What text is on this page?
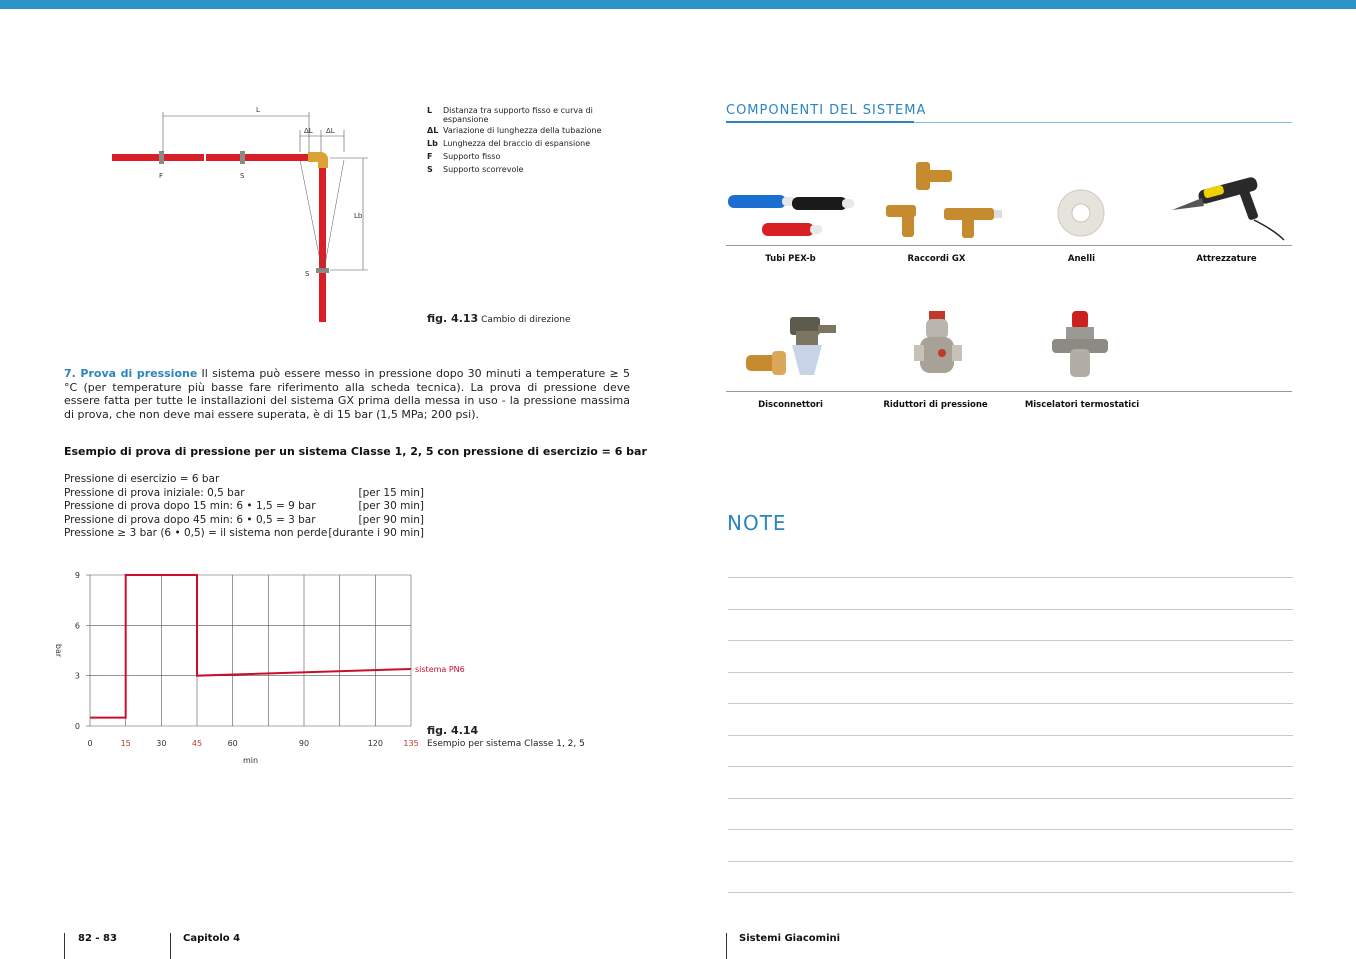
L
ΔL ΔL
Lb
F	S
S
L	Distanza tra supporto fisso e curva di espansione
ΔL Variazione di lunghezza della tubazione
Lb Lunghezza del braccio di espansione
F	Supporto fisso
S	Supporto scorrevole
fig. 4.13 Cambio di direzione
7. Prova di pressione Il sistema può essere messo in pressione dopo 30 minuti a temperature ≥ 5 °C (per temperature più basse fare riferimento alla scheda tecnica). La prova di pressione deve essere fatta per tutte le installazioni del sistema GX prima della messa in uso - la pressione massima di prova, che non deve mai essere superata, è di 15 bar (1,5 MPa; 200 psi).
Esempio di prova di pressione per un sistema Classe 1, 2, 5 con pressione di esercizio = 6 bar
Pressione di esercizio = 6 bar
Pressione di prova iniziale: 0,5 bar	[per 15 min]
Pressione di prova dopo 15 min: 6 • 1,5 = 9 bar	[per 30 min]
Pressione di prova dopo 45 min: 6 • 0,5 = 3 bar	[per 90 min]
Pressione ≥ 3 bar (6 • 0,5) = il sistema non perde [durante i 90 min]
0
3
6
9
0	15	30	45	60	90	120	135
min
bar
sistema PN6
fig. 4.14
Esempio per sistema Classe 1, 2, 5
COMPONENTI DEL SISTEMA
Tubi PEX-b	Raccordi GX	Anelli	Attrezzature
Disconnettori	Riduttori di pressione	Miscelatori termostatici
NOTE
82 - 83	Capitolo 4	Sistemi Giacomini
